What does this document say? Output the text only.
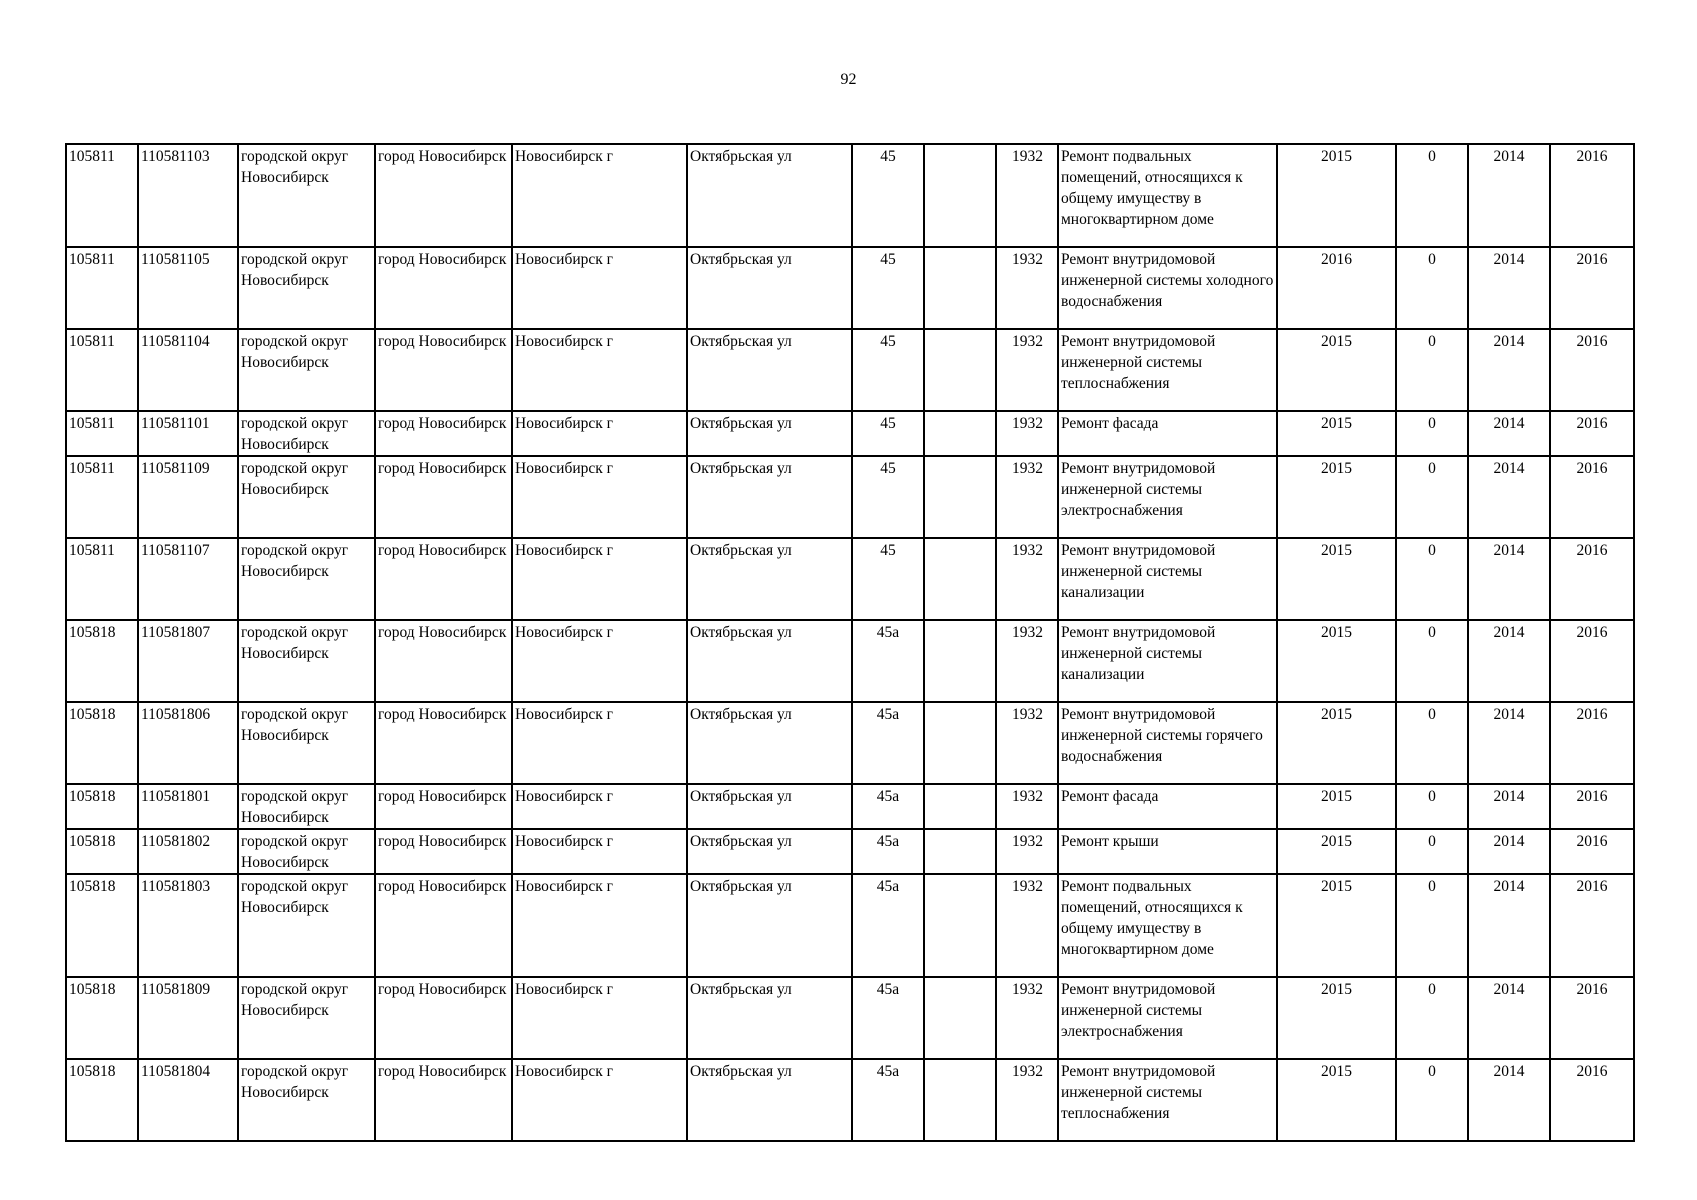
92
105811	110581103	городской округ Новосибирск	город Новосибирск	Новосибирск г	Октябрьская ул	45		1932	Ремонт подвальных помещений, относящихся к общему имуществу в многоквартирном доме	2015	0	2014	2016
105811	110581105	городской округ Новосибирск	город Новосибирск	Новосибирск г	Октябрьская ул	45		1932	Ремонт внутридомовой инженерной системы холодного водоснабжения	2016	0	2014	2016
105811	110581104	городской округ Новосибирск	город Новосибирск	Новосибирск г	Октябрьская ул	45		1932	Ремонт внутридомовой инженерной системы теплоснабжения	2015	0	2014	2016
105811	110581101	городской округ Новосибирск	город Новосибирск	Новосибирск г	Октябрьская ул	45		1932	Ремонт фасада	2015	0	2014	2016
105811	110581109	городской округ Новосибирск	город Новосибирск	Новосибирск г	Октябрьская ул	45		1932	Ремонт внутридомовой инженерной системы электроснабжения	2015	0	2014	2016
105811	110581107	городской округ Новосибирск	город Новосибирск	Новосибирск г	Октябрьская ул	45		1932	Ремонт внутридомовой инженерной системы канализации	2015	0	2014	2016
105818	110581807	городской округ Новосибирск	город Новосибирск	Новосибирск г	Октябрьская ул	45а		1932	Ремонт внутридомовой инженерной системы канализации	2015	0	2014	2016
105818	110581806	городской округ Новосибирск	город Новосибирск	Новосибирск г	Октябрьская ул	45а		1932	Ремонт внутридомовой инженерной системы горячего водоснабжения	2015	0	2014	2016
105818	110581801	городской округ Новосибирск	город Новосибирск	Новосибирск г	Октябрьская ул	45а		1932	Ремонт фасада	2015	0	2014	2016
105818	110581802	городской округ Новосибирск	город Новосибирск	Новосибирск г	Октябрьская ул	45а		1932	Ремонт крыши	2015	0	2014	2016
105818	110581803	городской округ Новосибирск	город Новосибирск	Новосибирск г	Октябрьская ул	45а		1932	Ремонт подвальных помещений, относящихся к общему имуществу в многоквартирном доме	2015	0	2014	2016
105818	110581809	городской округ Новосибирск	город Новосибирск	Новосибирск г	Октябрьская ул	45а		1932	Ремонт внутридомовой инженерной системы электроснабжения	2015	0	2014	2016
105818	110581804	городской округ Новосибирск	город Новосибирск	Новосибирск г	Октябрьская ул	45а		1932	Ремонт внутридомовой инженерной системы теплоснабжения	2015	0	2014	2016
